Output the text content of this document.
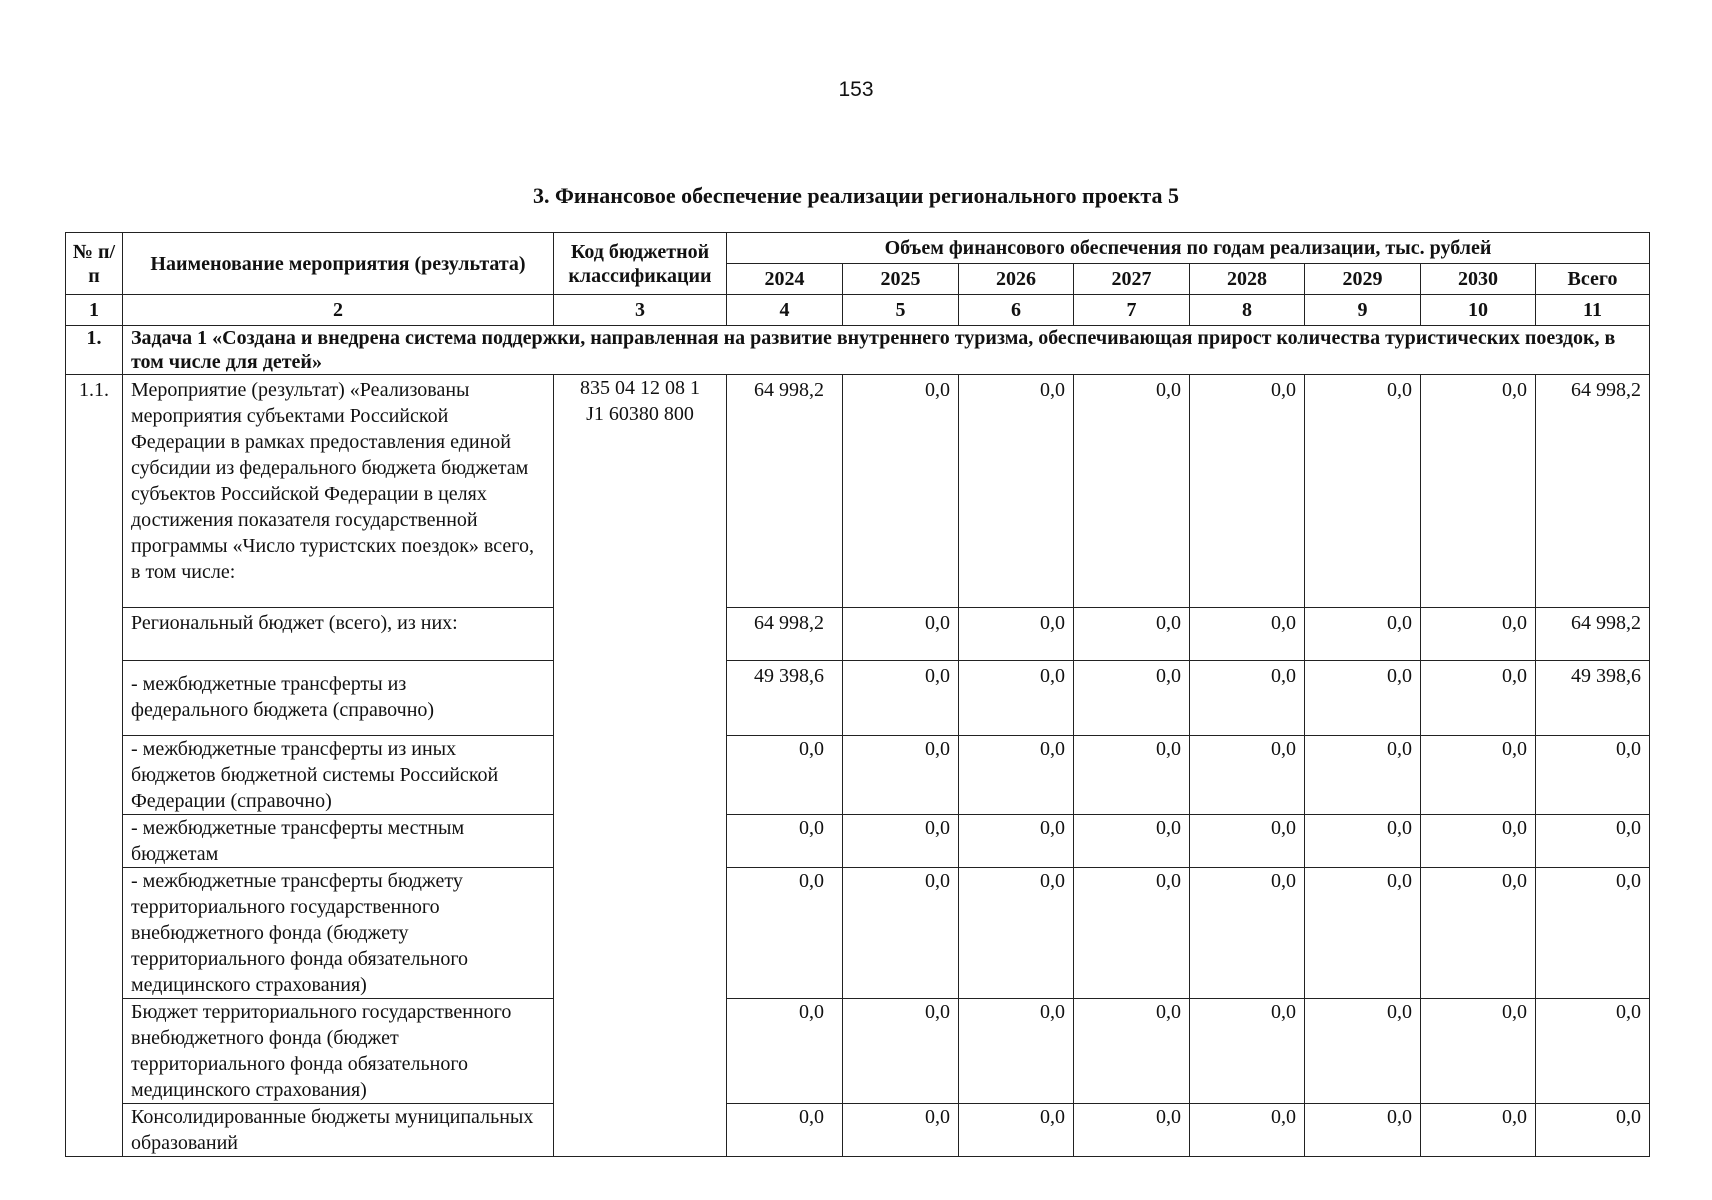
153
3. Финансовое обеспечение реализации регионального проекта 5
№ п/п	Наименование мероприятия (результата)	Код бюджетной классификации	Объем финансового обеспечения по годам реализации, тыс. рублей							
			2024	2025	2026	2027	2028	2029	2030	Всего
1	2	3	4	5	6	7	8	9	10	11
1.	Задача 1 «Создана и внедрена система поддержки, направленная на развитие внутреннего туризма, обеспечивающая прирост количества туристических поездок, в том числе для детей»									
1.1.	Мероприятие (результат) «Реализованы мероприятия субъектами Российской Федерации в рамках предоставления единой субсидии из федерального бюджета бюджетам субъектов Российской Федерации в целях достижения показателя государственной программы «Число туристских поездок» всего, в том числе:	835 04 12 08 1 J1 60380 800	64 998,2	0,0	0,0	0,0	0,0	0,0	0,0	64 998,2
	Региональный бюджет (всего), из них:		64 998,2	0,0	0,0	0,0	0,0	0,0	0,0	64 998,2
	- межбюджетные трансферты из федерального бюджета (справочно)		49 398,6	0,0	0,0	0,0	0,0	0,0	0,0	49 398,6
	- межбюджетные трансферты из иных бюджетов бюджетной системы Российской Федерации (справочно)		0,0	0,0	0,0	0,0	0,0	0,0	0,0	0,0
	- межбюджетные трансферты местным бюджетам		0,0	0,0	0,0	0,0	0,0	0,0	0,0	0,0
	- межбюджетные трансферты бюджету территориального государственного внебюджетного фонда (бюджету территориального фонда обязательного медицинского страхования)		0,0	0,0	0,0	0,0	0,0	0,0	0,0	0,0
	Бюджет территориального государственного внебюджетного фонда (бюджет территориального фонда обязательного медицинского страхования)		0,0	0,0	0,0	0,0	0,0	0,0	0,0	0,0
	Консолидированные бюджеты муниципальных образований		0,0	0,0	0,0	0,0	0,0	0,0	0,0	0,0
